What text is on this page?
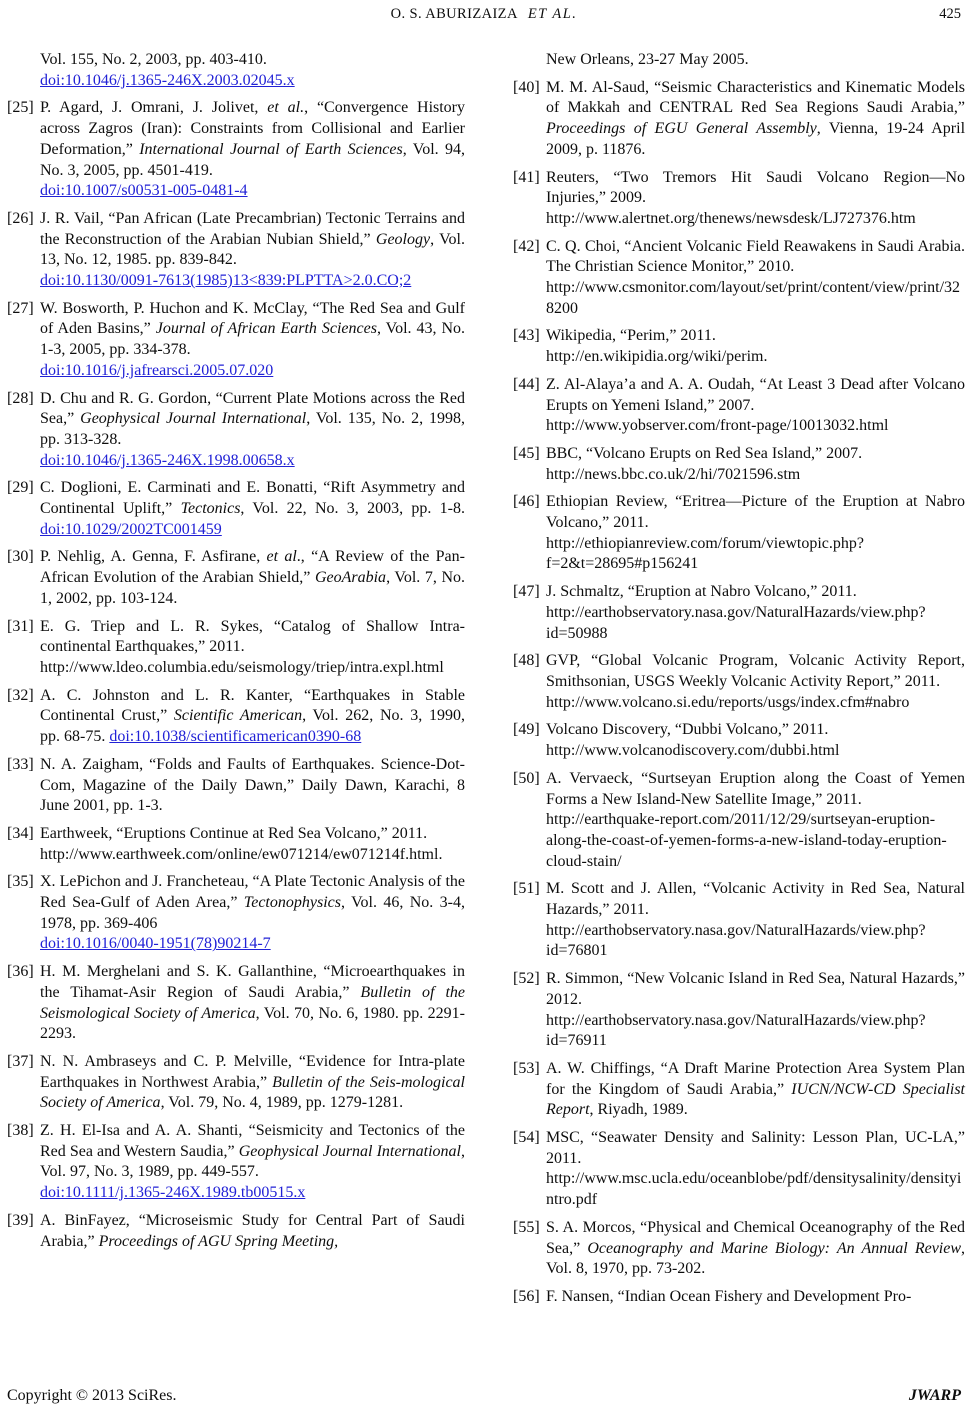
O. S. ABURIZAIZA ET AL.	425
Vol. 155, No. 2, 2003, pp. 403-410.
doi:10.1046/j.1365-246X.2003.02045.x
[25] P. Agard, J. Omrani, J. Jolivet, et al., “Convergence History across Zagros (Iran): Constraints from Collisional and Earlier Deformation,” International Journal of Earth Sciences, Vol. 94, No. 3, 2005, pp. 4501-419.
doi:10.1007/s00531-005-0481-4
[26] J. R. Vail, “Pan African (Late Precambrian) Tectonic Terrains and the Reconstruction of the Arabian Nubian Shield,” Geology, Vol. 13, No. 12, 1985. pp. 839-842.
doi:10.1130/0091-7613(1985)13<839:PLPTTA>2.0.CO;2
[27] W. Bosworth, P. Huchon and K. McClay, “The Red Sea and Gulf of Aden Basins,” Journal of African Earth Sciences, Vol. 43, No. 1-3, 2005, pp. 334-378.
doi:10.1016/j.jafrearsci.2005.07.020
[28] D. Chu and R. G. Gordon, “Current Plate Motions across the Red Sea,” Geophysical Journal International, Vol. 135, No. 2, 1998, pp. 313-328.
doi:10.1046/j.1365-246X.1998.00658.x
[29] C. Doglioni, E. Carminati and E. Bonatti, “Rift Asymmetry and Continental Uplift,” Tectonics, Vol. 22, No. 3, 2003, pp. 1-8. doi:10.1029/2002TC001459
[30] P. Nehlig, A. Genna, F. Asfirane, et al., “A Review of the Pan-African Evolution of the Arabian Shield,” GeoArabia, Vol. 7, No. 1, 2002, pp. 103-124.
[31] E. G. Triep and L. R. Sykes, “Catalog of Shallow Intra-continental Earthquakes,” 2011.
http://www.ldeo.columbia.edu/seismology/triep/intra.expl.html
[32] A. C. Johnston and L. R. Kanter, “Earthquakes in Stable Continental Crust,” Scientific American, Vol. 262, No. 3, 1990, pp. 68-75. doi:10.1038/scientificamerican0390-68
[33] N. A. Zaigham, “Folds and Faults of Earthquakes. Science-Dot-Com, Magazine of the Daily Dawn,” Daily Dawn, Karachi, 8 June 2001, pp. 1-3.
[34] Earthweek, “Eruptions Continue at Red Sea Volcano,” 2011.
http://www.earthweek.com/online/ew071214/ew071214f.html.
[35] X. LePichon and J. Francheteau, “A Plate Tectonic Analysis of the Red Sea-Gulf of Aden Area,” Tectonophysics, Vol. 46, No. 3-4, 1978, pp. 369-406
doi:10.1016/0040-1951(78)90214-7
[36] H. M. Merghelani and S. K. Gallanthine, “Microearthquakes in the Tihamat-Asir Region of Saudi Arabia,” Bulletin of the Seismological Society of America, Vol. 70, No. 6, 1980. pp. 2291-2293.
[37] N. N. Ambraseys and C. P. Melville, “Evidence for Intra-plate Earthquakes in Northwest Arabia,” Bulletin of the Seis-mological Society of America, Vol. 79, No. 4, 1989, pp. 1279-1281.
[38] Z. H. El-Isa and A. A. Shanti, “Seismicity and Tectonics of the Red Sea and Western Saudia,” Geophysical Journal International, Vol. 97, No. 3, 1989, pp. 449-557.
doi:10.1111/j.1365-246X.1989.tb00515.x
[39] A. BinFayez, “Microseismic Study for Central Part of Saudi Arabia,” Proceedings of AGU Spring Meeting,
New Orleans, 23-27 May 2005.
[40] M. M. Al-Saud, “Seismic Characteristics and Kinematic Models of Makkah and CENTRAL Red Sea Regions Saudi Arabia,” Proceedings of EGU General Assembly, Vienna, 19-24 April 2009, p. 11876.
[41] Reuters, “Two Tremors Hit Saudi Volcano Region—No Injuries,” 2009.
http://www.alertnet.org/thenews/newsdesk/LJ727376.htm
[42] C. Q. Choi, “Ancient Volcanic Field Reawakens in Saudi Arabia. The Christian Science Monitor,” 2010.
http://www.csmonitor.com/layout/set/print/content/view/print/328200
[43] Wikipedia, “Perim,” 2011.
http://en.wikipidia.org/wiki/perim.
[44] Z. Al-Alaya’a and A. A. Oudah, “At Least 3 Dead after Volcano Erupts on Yemeni Island,” 2007.
http://www.yobserver.com/front-page/10013032.html
[45] BBC, “Volcano Erupts on Red Sea Island,” 2007.
http://news.bbc.co.uk/2/hi/7021596.stm
[46] Ethiopian Review, “Eritrea—Picture of the Eruption at Nabro Volcano,” 2011.
http://ethiopianreview.com/forum/viewtopic.php?f=2&t=28695#p156241
[47] J. Schmaltz, “Eruption at Nabro Volcano,” 2011.
http://earthobservatory.nasa.gov/NaturalHazards/view.php?id=50988
[48] GVP, “Global Volcanic Program, Volcanic Activity Report, Smithsonian, USGS Weekly Volcanic Activity Report,” 2011.
http://www.volcano.si.edu/reports/usgs/index.cfm#nabro
[49] Volcano Discovery, “Dubbi Volcano,” 2011.
http://www.volcanodiscovery.com/dubbi.html
[50] A. Vervaeck, “Surtseyan Eruption along the Coast of Yemen Forms a New Island-New Satellite Image,” 2011.
http://earthquake-report.com/2011/12/29/surtseyan-eruption-along-the-coast-of-yemen-forms-a-new-island-today-eruption-cloud-stain/
[51] M. Scott and J. Allen, “Volcanic Activity in Red Sea, Natural Hazards,” 2011.
http://earthobservatory.nasa.gov/NaturalHazards/view.php?id=76801
[52] R. Simmon, “New Volcanic Island in Red Sea, Natural Hazards,” 2012.
http://earthobservatory.nasa.gov/NaturalHazards/view.php?id=76911
[53] A. W. Chiffings, “A Draft Marine Protection Area System Plan for the Kingdom of Saudi Arabia,” IUCN/NCW-CD Specialist Report, Riyadh, 1989.
[54] MSC, “Seawater Density and Salinity: Lesson Plan, UC-LA,” 2011.
http://www.msc.ucla.edu/oceanblobe/pdf/densitysalinity/densityintro.pdf
[55] S. A. Morcos, “Physical and Chemical Oceanography of the Red Sea,” Oceanography and Marine Biology: An Annual Review, Vol. 8, 1970, pp. 73-202.
[56] F. Nansen, “Indian Ocean Fishery and Development Pro-
Copyright © 2013 SciRes.	JWARP
